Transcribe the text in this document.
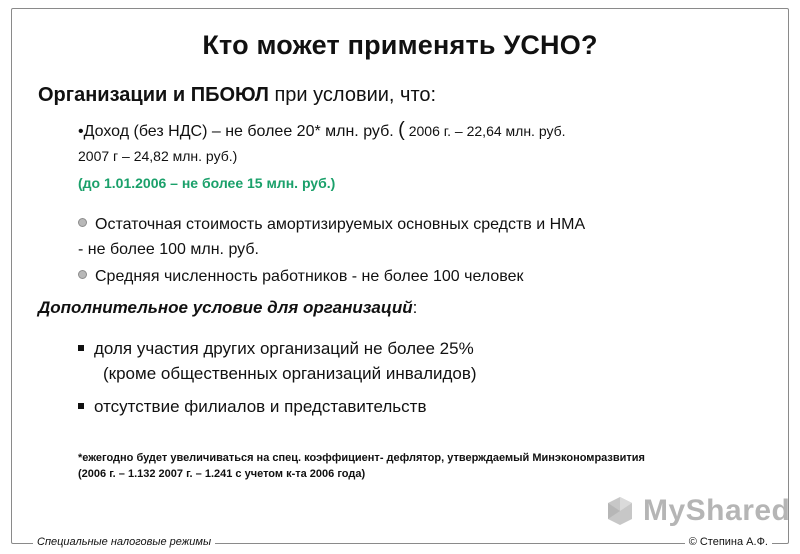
Кто может применять УСНО?
Организации и ПБОЮЛ при условии, что:
•Доход (без НДС) – не более 20* млн. руб. ( 2006 г. – 22,64 млн. руб.
2007 г – 24,82 млн. руб.)
(до 1.01.2006 – не более 15 млн. руб.)
Остаточная стоимость амортизируемых основных средств и НМА
- не более 100 млн. руб.
Средняя численность работников - не более 100 человек
Дополнительное условие для организаций:
доля участия других организаций не более 25%
(кроме общественных организаций инвалидов)
отсутствие филиалов и представительств
*ежегодно будет увеличиваться на спец. коэффициент- дефлятор, утверждаемый Минэкономразвития
(2006 г. – 1.132 2007 г. – 1.241 с учетом к-та 2006 года)
MyShared
Специальные налоговые режимы	© Степина А.Ф.
